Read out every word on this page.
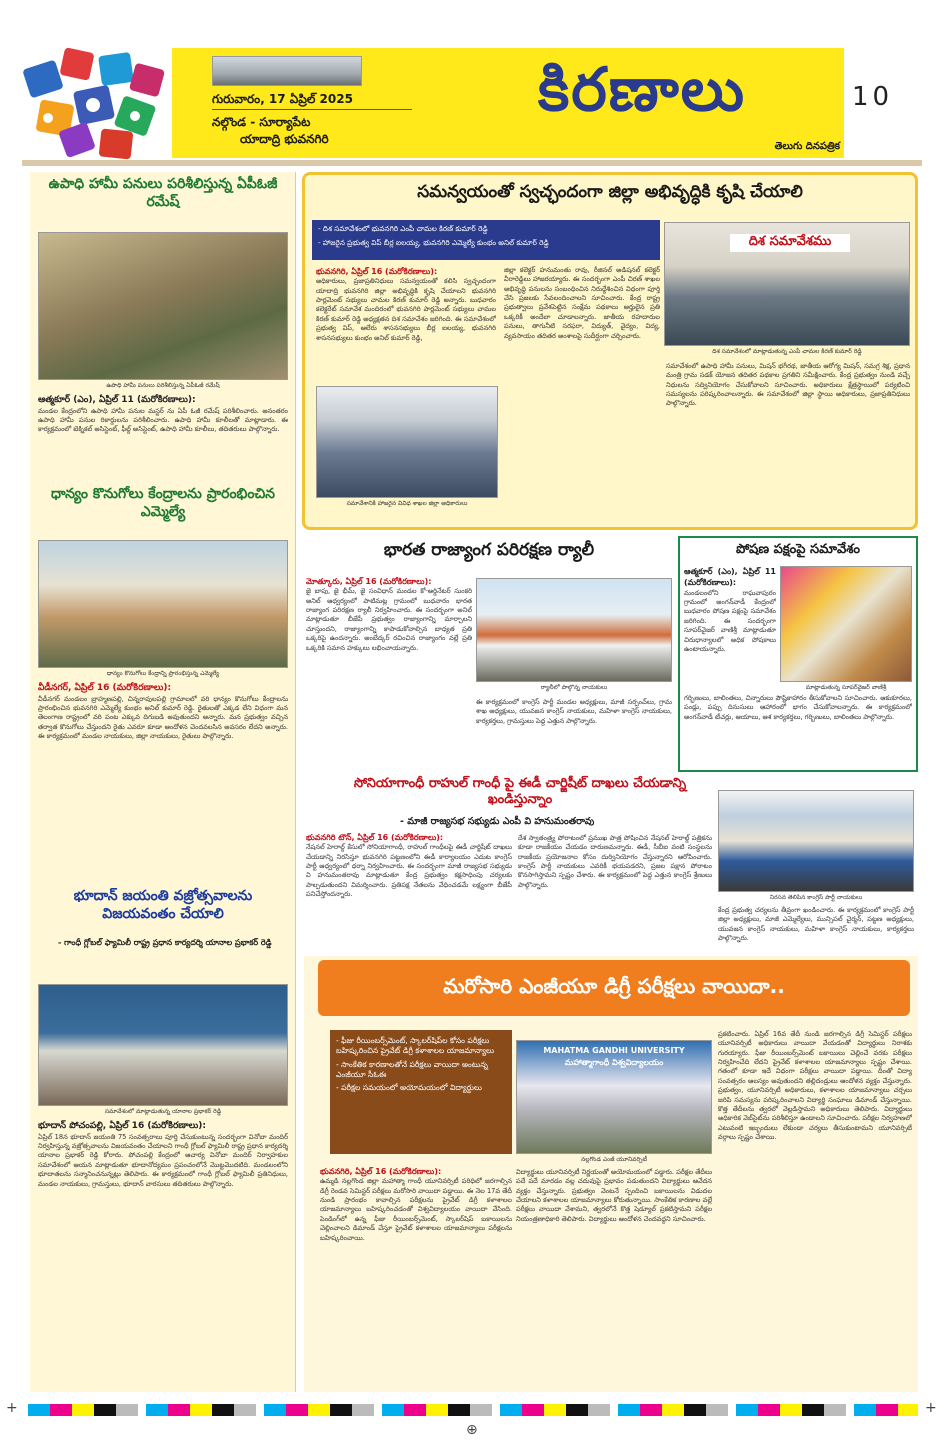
గురువారం, 17 ఏప్రిల్ 2025
నల్గొండ - సూర్యాపేట
యాదాద్రి భువనగిరి
కిరణాలు
తెలుగు దినపత్రిక
10
ఉపాధి హామీ పనులు పరిశీలిస్తున్న ఏపీఓజీ రమేష్
ఉపాధి హామీ పనులు పరిశీలిస్తున్న ఏపీఓజీ రమేష్
ఆత్మకూర్ (ఎం), ఏప్రిల్ 11 (మరోకిరణాలు):
మండల కేంద్రంలోని ఉపాధి హామీ పనుల మస్టర్ ను ఏపీ ఓజీ రమేష్ పరిశీలించారు. అనంతరం ఉపాధి హామీ పనుల రికార్డులను పరిశీలించారు. ఉపాధి హామీ కూలీలతో మాట్లాడారు. ఈ కార్యక్రమంలో టెక్నికల్ అసిస్టెంట్, ఫీల్డ్ అసిస్టెంట్, ఉపాధి హామీ కూలీలు, తదితరులు పాల్గొన్నారు.
ధాన్యం కొనుగోలు కేంద్రాలను ప్రారంభించిన ఎమ్మెల్యే
ధాన్యం కొనుగోలు కేంద్రాన్ని ప్రారంభిస్తున్న ఎమ్మెల్యే
వీడీనగర్, ఏప్రిల్ 16 (మరోకిరణాలు):
వీడీనగర్ మండలం బ్రాహ్మణపల్లి, చిన్నరావులపల్లి గ్రామాలలో వరి ధాన్యం కొనుగోలు కేంద్రాలను ప్రారంభించిన భువనగిరి ఎమ్మెల్యే కుంభం అనిల్ కుమార్ రెడ్డి. రైతులతో ఎక్కడ లేని విధంగా మన తెలంగాణ రాష్ట్రంలో వరి పంట ఎక్కువ దిగుబడి అవుతుందని అన్నారు. మన ప్రభుత్వం వచ్చిన తర్వాత కొనుగోలు చేస్తుందని రైతు ఎవరూ కూడా ఆందోళన చెందవలసిన అవసరం లేదని అన్నారు. ఈ కార్యక్రమంలో మండల నాయకులు, జిల్లా నాయకులు, రైతులు పాల్గొన్నారు.
భూదాన్ జయంతి వజ్రోత్సవాలను విజయవంతం చేయాలి
- గాంధీ గ్లోబల్ ఫ్యామిలీ రాష్ట్ర ప్రధాన కార్యదర్శి యానాల ప్రభాకర్ రెడ్డి
సమావేశంలో మాట్లాడుతున్న యానాల ప్రభాకర్ రెడ్డి
భూదాన్ పోచంపల్లి, ఏప్రిల్ 16 (మరోకిరణాలు):
ఏప్రిల్ 18న భూదాన్ జయంతి 75 సంవత్సరాలు పూర్తి చేసుకుంటున్న సందర్భంగా వినోబా మందిర్ నిర్వహిస్తున్న వజ్రోత్సవాలను విజయవంతం చేయాలని గాంధీ గ్లోబల్ ఫ్యామిలీ రాష్ట్ర ప్రధాన కార్యదర్శి యానాల ప్రభాకర్ రెడ్డి కోరారు. పోచంపల్లి కేంద్రంలో ఆచార్య వినోబా మందిర్ నిర్వాహకుల సమావేశంలో ఆయన మాట్లాడుతూ భూదానోద్యమం ప్రపంచంలోనే మొట్టమొదటిది. మండలంలోని భూదాతలను సన్మానించనున్నట్లు తెలిపారు. ఈ కార్యక్రమంలో గాంధీ గ్లోబల్ ఫ్యామిలీ ప్రతినిధులు, మండల నాయకులు, గ్రామస్తులు, భూదాన్ వారసులు తదితరులు పాల్గొన్నారు.
సమన్వయంతో స్వచ్ఛందంగా జిల్లా అభివృద్ధికి కృషి చేయాలి
- దిశ సమావేశంలో భువనగిరి ఎంపీ చామల కిరణ్ కుమార్ రెడ్డి
- హాజరైన ప్రభుత్వ విప్ బీర్ల ఐలయ్య, భువనగిరి ఎమ్మెల్యే కుంభం అనిల్ కుమార్ రెడ్డి	దిశ సమావేశము
దిశ సమావేశంలో మాట్లాడుతున్న ఎంపీ చామల కిరణ్ కుమార్ రెడ్డి
భువనగిరి, ఏప్రిల్ 16 (మరోకిరణాలు):
అధికారులు, ప్రజాప్రతినిధులు సమన్వయంతో కలిసి స్వచ్ఛందంగా యాదాద్రి భువనగిరి జిల్లా అభివృద్ధికి కృషి చేయాలని భువనగిరి పార్లమెంట్ సభ్యులు చామల కిరణ్ కుమార్ రెడ్డి అన్నారు. బుధవారం కలెక్టరేట్ సమావేశ మందిరంలో భువనగిరి పార్లమెంట్ సభ్యులు చామల కిరణ్ కుమార్ రెడ్డి అధ్యక్షతన దిశ సమావేశం జరిగింది. ఈ సమావేశంలో ప్రభుత్వ విప్, ఆలేరు శాసనసభ్యులు బీర్ల ఐలయ్య, భువనగిరి శాసనసభ్యులు కుంభం అనిల్ కుమార్ రెడ్డి,
సమావేశానికి హాజరైన వివిధ శాఖల జిల్లా అధికారులు
జిల్లా కలెక్టర్ హనుమంతు రావు, రీజినల్ అడిషనల్ కలెక్టర్ వీరారెడ్డిలు హాజరయ్యారు. ఈ సందర్భంగా ఎంపీ చిరణ్ శాఖల అభివృద్ధి పనులను సంబంధించిన నిరుద్దేశించిన విధంగా పూర్తి చేసి ప్రజలకు సేవలందించాలని సూచించారు. కేంద్ర రాష్ట్ర ప్రభుత్వాలు ప్రవేశపెట్టిన సంక్షేమ పథకాలు అర్హులైన ప్రతి ఒక్కరికీ అందేలా చూడాలన్నారు. జాతీయ రహదారుల పనులు, తాగునీటి సరఫరా, విద్యుత్, వైద్యం, విద్య, వ్యవసాయం తదితర అంశాలపై సుదీర్ఘంగా చర్చించారు.
సమావేశంలో ఉపాధి హామీ పనులు, మిషన్ భగీరథ, జాతీయ ఆరోగ్య మిషన్, సమగ్ర శిక్ష, ప్రధాన మంత్రి గ్రామ సడక్ యోజన తదితర పథకాల ప్రగతిని సమీక్షించారు. కేంద్ర ప్రభుత్వం నుండి వచ్చే నిధులను సద్వినియోగం చేసుకోవాలని సూచించారు. అధికారులు క్షేత్రస్థాయిలో పర్యటించి సమస్యలను పరిష్కరించాలన్నారు. ఈ సమావేశంలో జిల్లా స్థాయి అధికారులు, ప్రజాప్రతినిధులు పాల్గొన్నారు.
భారత రాజ్యాంగ పరిరక్షణ ర్యాలీ
మోత్కూరు, ఏప్రిల్ 16 (మరోకిరణాలు):
జై బాపు, జై భీమ్, జై సంవిధాన్ మండల కో-ఆర్డినేటర్ సుంకరి అనిల్ ఆధ్వర్యంలో పాటిమట్ల గ్రామంలో బుధవారం భారత రాజ్యాంగ పరిరక్షణ ర్యాలీ నిర్వహించారు. ఈ సందర్భంగా అనిల్ మాట్లాడుతూ బీజేపీ ప్రభుత్వం రాజ్యాంగాన్ని మార్చాలని చూస్తుందని, రాజ్యాంగాన్ని కాపాడుకోవాల్సిన బాధ్యత ప్రతి ఒక్కరిపై ఉందన్నారు. అంబేద్కర్ రచించిన రాజ్యాంగం వల్లే ప్రతి ఒక్కరికి సమాన హక్కులు లభించాయన్నారు.
ర్యాలీలో పాల్గొన్న నాయకులు
ఈ కార్యక్రమంలో కాంగ్రెస్ పార్టీ మండల అధ్యక్షులు, మాజీ సర్పంచ్‌లు, గ్రామ శాఖ అధ్యక్షులు, యువజన కాంగ్రెస్ నాయకులు, మహిళా కాంగ్రెస్ నాయకులు, కార్యకర్తలు, గ్రామస్తులు పెద్ద ఎత్తున పాల్గొన్నారు.
పోషణ పక్షంపై సమావేశం
ఆత్మకూర్ (ఎం), ఏప్రిల్ 11 (మరోకిరణాలు):
మండలంలోని రాఘవాపురం గ్రామంలో అంగన్‌వాడీ కేంద్రంలో బుధవారం పోషణ పక్షంపై సమావేశం జరిగింది. ఈ సందర్భంగా సూపర్‌వైజర్ వాణిశ్రీ మాట్లాడుతూ చిరుధాన్యాలలో అధిక పోషకాలు ఉంటాయన్నారు.
మాట్లాడుతున్న సూపర్‌వైజర్ వాణిశ్రీ
గర్భిణులు, బాలింతలు, చిన్నారులు పౌష్టికాహారం తీసుకోవాలని సూచించారు. ఆకుకూరలు, పండ్లు, పప్పు దినుసులు ఆహారంలో భాగం చేసుకోవాలన్నారు. ఈ కార్యక్రమంలో అంగన్‌వాడీ టీచర్లు, ఆయాలు, ఆశ కార్యకర్తలు, గర్భిణులు, బాలింతలు పాల్గొన్నారు.
సోనియాగాంధీ రాహుల్ గాంధీ పై ఈడీ చార్జిషీట్ దాఖలు చేయడాన్ని ఖండిస్తున్నాం
- మాజీ రాజ్యసభ సభ్యుడు ఎంపీ వి హనుమంతరావు
భువనగిరి టౌన్, ఏప్రిల్ 16 (మరోకిరణాలు):
నేషనల్ హెరాల్డ్ కేసులో సోనియాగాంధీ, రాహుల్ గాంధీలపై ఈడీ చార్జిషీట్ దాఖలు చేయడాన్ని నిరసిస్తూ భువనగిరి పట్టణంలోని ఈడీ కార్యాలయం ఎదుట కాంగ్రెస్ పార్టీ ఆధ్వర్యంలో ధర్నా నిర్వహించారు. ఈ సందర్భంగా మాజీ రాజ్యసభ సభ్యుడు వి హనుమంతరావు మాట్లాడుతూ కేంద్ర ప్రభుత్వం కక్షసాధింపు చర్యలకు పాల్పడుతుందని విమర్శించారు. ప్రతిపక్ష నేతలను వేధించడమే లక్ష్యంగా బీజేపీ పనిచేస్తోందన్నారు.
దేశ స్వాతంత్ర్య పోరాటంలో ప్రముఖ పాత్ర పోషించిన నేషనల్ హెరాల్డ్ పత్రికను కూడా రాజకీయం చేయడం దారుణమన్నారు. ఈడీ, సీబీఐ వంటి సంస్థలను రాజకీయ ప్రయోజనాల కోసం దుర్వినియోగం చేస్తున్నారని ఆరోపించారు. కాంగ్రెస్ పార్టీ నాయకులు ఎవరికీ భయపడరని, ప్రజల పక్షాన పోరాటం కొనసాగిస్తామని స్పష్టం చేశారు. ఈ కార్యక్రమంలో పెద్ద ఎత్తున కాంగ్రెస్ శ్రేణులు పాల్గొన్నారు.
నిరసన తెలిపిన కాంగ్రెస్ పార్టీ నాయకులు
కేంద్ర ప్రభుత్వ చర్యలను తీవ్రంగా ఖండించారు. ఈ కార్యక్రమంలో కాంగ్రెస్ పార్టీ జిల్లా అధ్యక్షులు, మాజీ ఎమ్మెల్యేలు, మున్సిపల్ చైర్మన్, పట్టణ అధ్యక్షులు, యువజన కాంగ్రెస్ నాయకులు, మహిళా కాంగ్రెస్ నాయకులు, కార్యకర్తలు పాల్గొన్నారు.
మరోసారి ఎంజీయూ డిగ్రీ పరీక్షలు వాయిదా..
- ఫీజు రీయింబర్స్‌మెంట్, స్కాలర్‌షిప్‌ల కోసం పరీక్షలు బహిష్కరించిన ప్రైవేట్ డిగ్రీ కళాశాలల యాజమాన్యాలు
- సాంకేతిక కారణాలతోనే పరీక్షలు వాయిదా అంటున్న ఎంజీయూ సీఓఈ
- పరీక్షల సమయంలో అయోమయంలో విద్యార్థులు
MAHATMA GANDHI UNIVERSITY
మహాత్మాగాంధీ విశ్వవిద్యాలయం
నల్లగొండ ఎంజీ యూనివర్సిటీ
భువనగిరి, ఏప్రిల్ 16 (మరోకిరణాలు):
ఉమ్మడి నల్లగొండ జిల్లా మహాత్మా గాంధీ యూనివర్సిటీ పరిధిలో జరగాల్సిన డిగ్రీ రెండవ సెమిస్టర్ పరీక్షలు మరోసారి వాయిదా పడ్డాయి. ఈ నెల 17వ తేదీ నుండి ప్రారంభం కావాల్సిన పరీక్షలను ప్రైవేట్ డిగ్రీ కళాశాలల యాజమాన్యాలు బహిష్కరించడంతో విశ్వవిద్యాలయం వాయిదా వేసింది. పెండింగ్‌లో ఉన్న ఫీజు రీయింబర్స్‌మెంట్, స్కాలర్‌షిప్ బకాయిలను చెల్లించాలని డిమాండ్ చేస్తూ ప్రైవేట్ కళాశాలల యాజమాన్యాలు పరీక్షలను బహిష్కరించాయి.
విద్యార్థులు యూనివర్సిటీ నిర్ణయంతో అయోమయంలో పడ్డారు. పరీక్షల తేదీలు పదే పదే మారడం వల్ల చదువుపై ప్రభావం పడుతుందని విద్యార్థులు ఆవేదన వ్యక్తం చేస్తున్నారు. ప్రభుత్వం వెంటనే స్పందించి బకాయిలను విడుదల చేయాలని కళాశాలల యాజమాన్యాలు కోరుతున్నాయి. సాంకేతిక కారణాల వల్లే పరీక్షలు వాయిదా వేశామని, త్వరలోనే కొత్త షెడ్యూల్ ప్రకటిస్తామని పరీక్షల నియంత్రణాధికారి తెలిపారు. విద్యార్థులు ఆందోళన చెందవద్దని సూచించారు.
ప్రకటించారు. ఏప్రిల్ 16వ తేదీ నుండి జరగాల్సిన డిగ్రీ సెమిస్టర్ పరీక్షలు యూనివర్సిటీ అధికారులు వాయిదా వేయడంతో విద్యార్థులు నిరాశకు గురయ్యారు. ఫీజు రీయింబర్స్‌మెంట్ బకాయిలు చెల్లించే వరకు పరీక్షలు నిర్వహించేది లేదని ప్రైవేట్ కళాశాలల యాజమాన్యాలు స్పష్టం చేశాయి. గతంలో కూడా ఇదే విధంగా పరీక్షలు వాయిదా పడ్డాయి. దీంతో విద్యా సంవత్సరం ఆలస్యం అవుతుందని తల్లిదండ్రులు ఆందోళన వ్యక్తం చేస్తున్నారు. ప్రభుత్వం, యూనివర్సిటీ అధికారులు, కళాశాలల యాజమాన్యాలు చర్చలు జరిపి సమస్యను పరిష్కరించాలని విద్యార్థి సంఘాలు డిమాండ్ చేస్తున్నాయి. కొత్త తేదీలను త్వరలో వెల్లడిస్తామని అధికారులు తెలిపారు. విద్యార్థులు అధికారిక వెబ్‌సైట్‌ను పరిశీలిస్తూ ఉండాలని సూచించారు. పరీక్షల నిర్వహణలో ఎటువంటి ఇబ్బందులు లేకుండా చర్యలు తీసుకుంటామని యూనివర్సిటీ వర్గాలు స్పష్టం చేశాయి.
+	+
⊕
